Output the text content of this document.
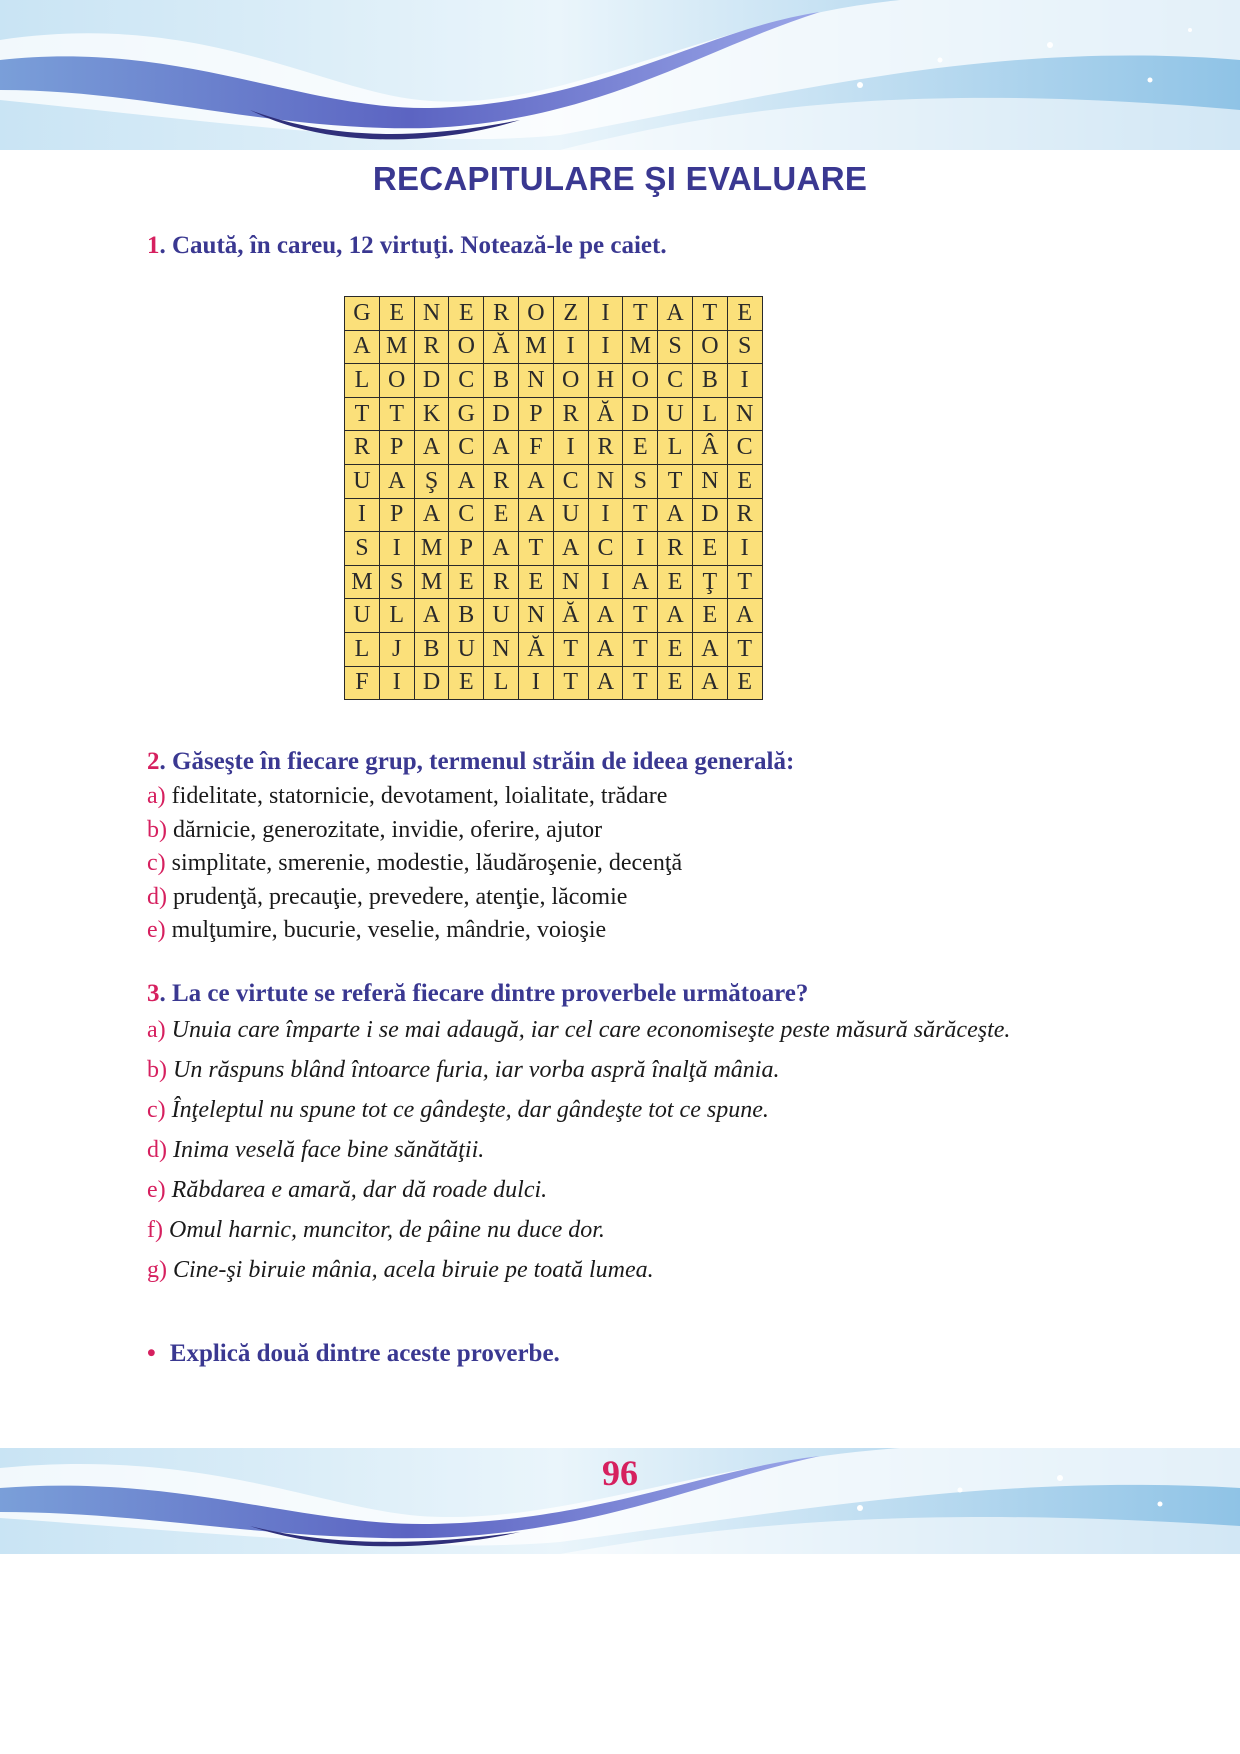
RECAPITULARE ŞI EVALUARE
1. Caută, în careu, 12 virtuţi. Notează-le pe caiet.
G	E	N	E	R	O	Z	I	T	A	T	E
A	M	R	O	Ă	M	I	I	M	S	O	S
L	O	D	C	B	N	O	H	O	C	B	I
T	T	K	G	D	P	R	Ă	D	U	L	N
R	P	A	C	A	F	I	R	E	L	Â	C
U	A	Ş	A	R	A	C	N	S	T	N	E
I	P	A	C	E	A	U	I	T	A	D	R
S	I	M	P	A	T	A	C	I	R	E	I
M	S	M	E	R	E	N	I	A	E	Ţ	T
U	L	A	B	U	N	Ă	A	T	A	E	A
L	J	B	U	N	Ă	T	A	T	E	A	T
F	I	D	E	L	I	T	A	T	E	A	E
2. Găseşte în fiecare grup, termenul străin de ideea generală:
a) fidelitate, statornicie, devotament, loialitate, trădare
b) dărnicie, generozitate, invidie, oferire, ajutor
c) simplitate, smerenie, modestie, lăudăroşenie, decenţă
d) prudenţă, precauţie, prevedere, atenţie, lăcomie
e) mulţumire, bucurie, veselie, mândrie, voioşie
3. La ce virtute se referă fiecare dintre proverbele următoare?
a) Unuia care împarte i se mai adaugă, iar cel care economiseşte peste măsură sărăceşte.
b) Un răspuns blând întoarce furia, iar vorba aspră înalţă mânia.
c) Înţeleptul nu spune tot ce gândeşte, dar gândeşte tot ce spune.
d) Inima veselă face bine sănătăţii.
e) Răbdarea e amară, dar dă roade dulci.
f) Omul harnic, muncitor, de pâine nu duce dor.
g) Cine-şi biruie mânia, acela biruie pe toată lumea.
• Explică două dintre aceste proverbe.
96
